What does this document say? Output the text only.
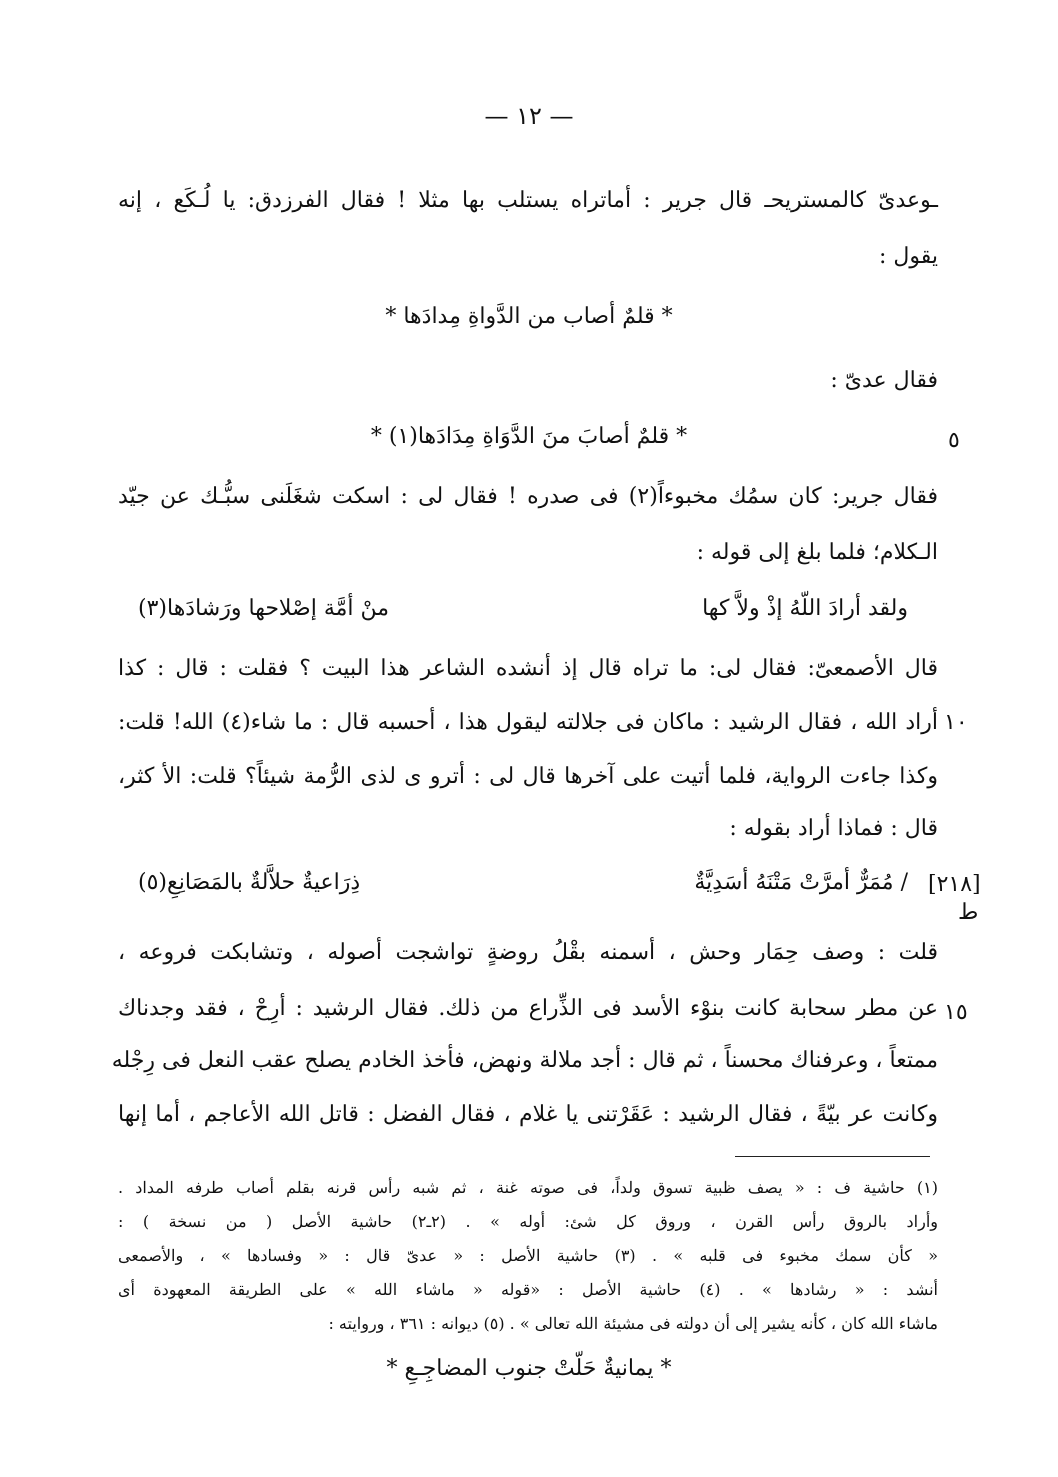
— ١٢ —
ـوعدىّ كالمستريحـ قال جرير : أماتراه يستلب بها مثلا ! فقال الفرزدق: يا لُـكَع ، إنه
يقول :
* قلمٌ أصاب من الدَّواةِ مِدادَها *
فقال عدىّ :
* قلمٌ أصابَ منَ الدَّوَاةِ مِدَادَها(١) *	٥
فقال جرير: كان سمُك مخبوءاً(٢) فى صدره ! فقال لى : اسكت شغَلَنى سبُّـك عن جيّد
الـكلام؛ فلما بلغ إلى قوله :
ولقد أرادَ اللّهُ إذْ ولاَّ كها
منْ أمَّة إصْلاحها ورَشادَها(٣)
قال الأصمعىّ: فقال لى: ما تراه قال إذ أنشده الشاعر هذا البيت ؟ فقلت : قال : كذا
أراد الله ، فقال الرشيد : ماكان فى جلالته ليقول هذا ، أحسبه قال : ما شاء(٤) الله! قلت: ١٠
وكذا جاءت الرواية، فلما أتيت على آخرها قال لى : أترو ى لذى الرُّمة شيئاً؟ قلت: الأ كثر،
قال : فماذا أراد بقوله :
/ مُمَرٌّ أمرَّتْ مَتْنَهُ أسَدِيَّةٌ
ذِرَاعيةٌ حلاَّلةٌ بالمَصَانِعِ(٥)	[٢١٨]
ط
قلت : وصف حِمَار وحش ، أسمنه بقْلُ روضةٍ تواشجت أصوله ، وتشابكت فروعه ،
عن مطر سحابة كانت بنوْء الأسد فى الذِّراع من ذلك. فقال الرشيد : أرِحْ ، فقد وجدناك ١٥
ممتعاً ، وعرفناك محسناً ، ثم قال : أجد ملالة ونهض، فأخذ الخادم يصلح عقب النعل فى رِجْله
وكانت عر بيّةً ، فقال الرشيد : عَقَرْتنى يا غلام ، فقال الفضل : قاتل الله الأعاجم ، أما إنها
(١) حاشية ف : « يصف ظبية تسوق ولداً، فى صوته غنة ، ثم شبه رأس قرنه بقلم أصاب طرفه المداد .
وأراد بالروق رأس القرن ، وروق كل شئ: أوله » . (٢ـ٢) حاشية الأصل ( من نسخة ) :
« كأن سمك مخبوء فى قلبه » . (٣) حاشية الأصل : « عدىّ قال : « وفسادها » ، والأصمعى
أنشد : « رشادها » . (٤) حاشية الأصل : «قوله « ماشاء الله » على الطريقة المعهودة أى
ماشاء الله كان ، كأنه يشير إلى أن دولته فى مشيئة الله تعالى » . (٥) ديوانه : ٣٦١ ، وروايته :
* يمانيةٌ حَلّتْ جنوب المضاجِـعِ *
